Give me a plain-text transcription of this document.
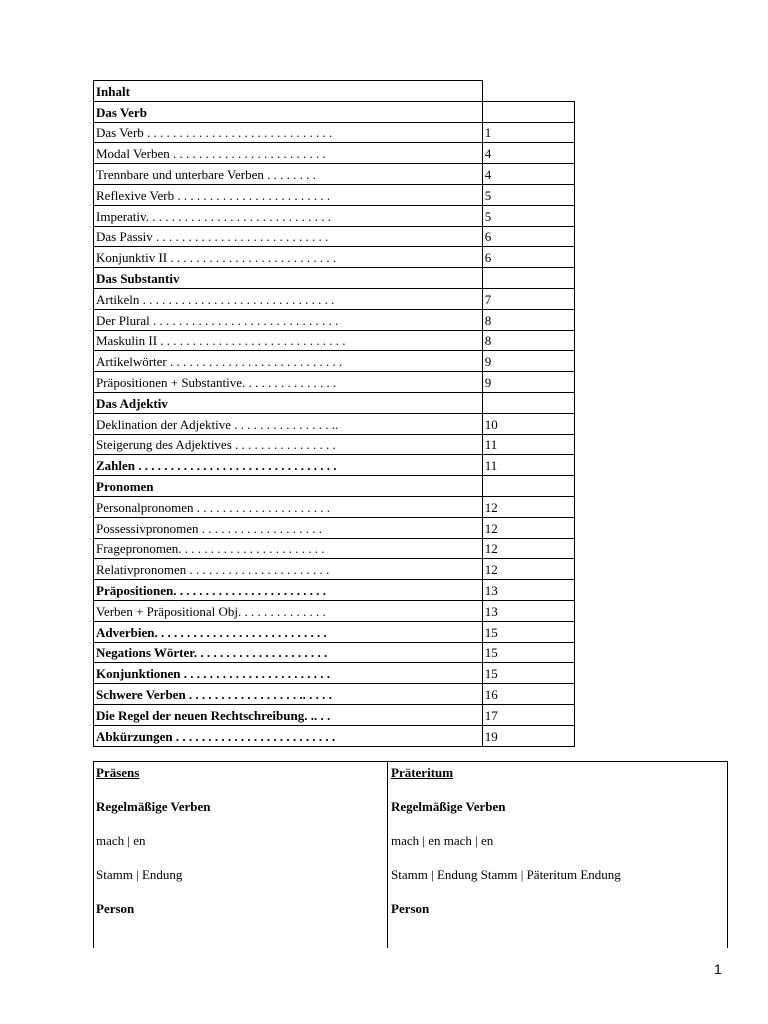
Inhalt	
Das Verb	
Das Verb . . . . . . . . . . . . . . . . . . . . . . . . . . . . .	1
Modal Verben . . . . . . . . . . . . . . . . . . . . . . . .	4
Trennbare und unterbare Verben . . . . . . . .	4
Reflexive Verb . . . . . . . . . . . . . . . . . . . . . . . .	5
Imperativ. . . . . . . . . . . . . . . . . . . . . . . . . . . . .	5
Das Passiv . . . . . . . . . . . . . . . . . . . . . . . . . . .	6
Konjunktiv II . . . . . . . . . . . . . . . . . . . . . . . . . .	6
Das Substantiv	
Artikeln . . . . . . . . . . . . . . . . . . . . . . . . . . . . . .	7
Der Plural . . . . . . . . . . . . . . . . . . . . . . . . . . . . .	8
Maskulin II . . . . . . . . . . . . . . . . . . . . . . . . . . . . .	8
Artikelwörter . . . . . . . . . . . . . . . . . . . . . . . . . . .	9
Präpositionen + Substantive. . . . . . . . . . . . . . .	9
Das Adjektiv	
Deklination der Adjektive . . . . . . . . . . . . . . . ..	10
Steigerung des Adjektives . . . . . . . . . . . . . . . .	11
Zahlen . . . . . . . . . . . . . . . . . . . . . . . . . . . . . . .	11
Pronomen	
Personalpronomen . . . . . . . . . . . . . . . . . . . . .	12
Possessivpronomen . . . . . . . . . . . . . . . . . . .	12
Fragepronomen. . . . . . . . . . . . . . . . . . . . . . .	12
Relativpronomen . . . . . . . . . . . . . . . . . . . . . .	12
Präpositionen. . . . . . . . . . . . . . . . . . . . . . . .	13
Verben + Präpositional Obj. . . . . . . . . . . . . .	13
Adverbien. . . . . . . . . . . . . . . . . . . . . . . . . . .	15
Negations Wörter. . . . . . . . . . . . . . . . . . . . .	15
Konjunktionen . . . . . . . . . . . . . . . . . . . . . . .	15
Schwere Verben . . . . . . . . . . . . . . . . . .. . . . .	16
Die Regel der neuen Rechtschreibung. .. . .	17
Abkürzungen . . . . . . . . . . . . . . . . . . . . . . . . .	19
Präsens
Regelmäßige Verben
mach | en
Stamm | Endung
Person
Präteritum
Regelmäßige Verben
mach | en mach | en
Stamm | Endung Stamm | Päteritum Endung
Person
1
